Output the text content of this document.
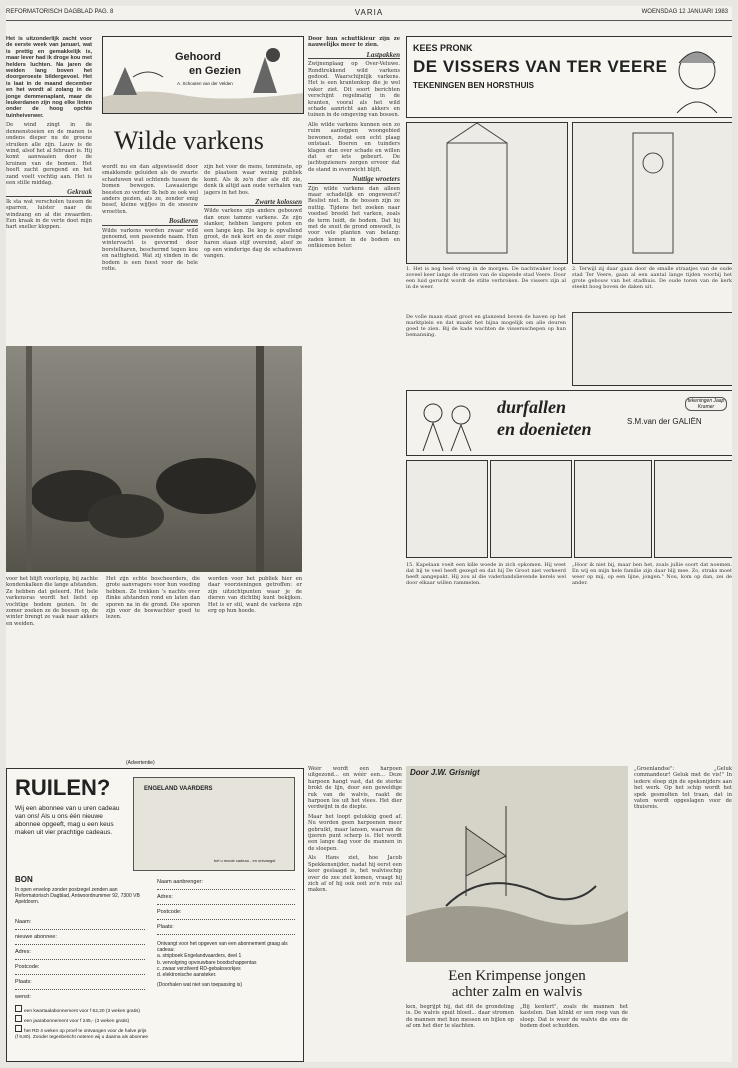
REFORMATORISCH DAGBLAD PAG. 8	VARIA	WOENSDAG 12 JANUARI 1983

Het is uitzonderlijk zacht voor de eerste week van januari, wat is prettig en gemakkelijk is, maar lever had ik droge kou met helders luchten. Na jaren de weiden lang boven het doorgeroeste bildergevoel. Het is laat in de maand december en het wordt al zolang in de jonge demmenaplant, maar de leukerdanen zijn nog elke linten onder de hoog opchte tuinheiverwer.

De wind zingt in de dennenstoeien en de manen is ondens dieper nu de groene struiken alle zijn. Lauw is de wind, alsof het al februari is. Hij komt aanwaaien door de kruinen van de bomen. Het heeft zacht geregend en het zand voelt vochtig aan. Het is een stille middag.

Gekraak

Ik sta wat verscholen tussen de sparren, luister naar de windzang en al die zwaarden. Een kraak in de verte doet mijn hart sneller kloppen.

Gehoord
en Gezien
A. Schouten van der Velden
Wilde varkens

wordt nu en dan afgewisseld door smakkende geluiden als de zwarte schaduwen wat ochtends tussen de bomen bewegen. Lawaaierige beesten zo verder. Ik heb ze ook wel anders gezien, als ze, zonder enig besef, kleine wijfjes in de sneeuw wroetten.

Bosdieren

Wilde varkens worden zwaar wild genoemd, een passende naam. Hun wintervacht is gevormd door borstelharen, beschermd tegen kou en nattigheid. Wat zij vinden in de bodem is een feest voor de hele rotte.

zijn het voor de mens, tenminste, op de plaatsen waar weinig publiek komt. Als ik zo'n dier als dit zie, denk ik altijd aan oude verhalen van jagers in het bos.

Zwarte kolossen

Wilde varkens zijn anders gebouwd dan onze tamme varkens. Ze zijn slanker, hebben langere poten en een lange kop. De kop is opvallend groot, de nek kort en de zeer ruige haren staan stijf overeind, alsof ze op een winderige dag de schaduwen vangen.

voor het blijft voorlopig, bij zachte kondenkalken die lange afstanden. Ze hebben dat geleerd. Het hele varkensras wordt het liefst op vochtige bodem gezien. In de zomer zoeken ze de bossen op, de winter brengt ze vaak naar akkers en weiden.

Het zijn echte boscheerders, die grote aanvragers voor hun voeding hebben. Ze trekken 's nachts over flinke afstanden rond en laten dan sporen na in de grond. Die sporen zijn voor de boswachter goed te lezen.

worden voor het publiek hier en daar voorzieningen getroffen: er zijn uitzichtpunten waar je de dieren van dichtbij kunt bekijken. Het is er stil, want de varkens zijn erg op hun hoede.

Door hun schuttkleur zijn ze nauwelijks meer te zien.

Lastpakken

Zwijnenplaag op Over-Veluwe. Rondtrekkend wild varkens gedood. Waarschijnlijk varkens. Het is een krantenkop die je wel vaker ziet. Dit soort berichten verschijnt regelmatig in de kranten, vooral als het wild schade aanricht aan akkers en tuinen in de omgeving van bossen.

Alle wilde varkens kunnen een zo ruim aanlegpen woongebied bewonen, zodat een echt plaag ontstaat. Boeren en tuinders klagen dan over schade en willen dat er iets gebeurt. De jachtopzieners zorgen ervoor dat de stand in evenwicht blijft.

Nuttige wroeters

Zijn wilde varkens dan alleen maar schadelijk en ongewenst? Beslist niet. In de bossen zijn ze nuttig. Tijdens het zoeken naar voedsel breekt het varken, zoals de term luidt, de bodem. Dat hij met de snuit de grond omwoelt, is voor vele planten van belang: zaden komen in de bodem en ontkiemen beter.

KEES PRONK
DE VISSERS VAN TER VEERE
TEKENINGEN BEN HORSTHUIS
1. Het is nog heel vroeg in de morgen. De nachtwaker loopt zoveel keer langs de straten van de slapende stad Veere. Door een luid gerucht wordt de stilte verbroken. De vissers zijn al in de weer.
2. Terwijl zij daar gaan door de smalle straatjes van de oude stad Ter Veere, gaan al een aantal lange tijden voorbij het grote gebouw van het stadhuis. De oude toren van de kerk steekt hoog boven de daken uit.
De volle maan staat groot en glanzend boven de haven op het marktplein en dat maakt het bijna mogelijk om alle deuren goed te zien. Bij de kade wachten de vissersschepen op hun bemanning.
durfallen
en doenieten	S.M.van der GALIËN
tekeningen Jaap Kramer
15. Kapelaan voelt een kille woede in zich opkomen. Hij weet dat hij te veel heeft gezegd en dat hij De Groot niet verkeerd heeft aangepakt. Hij zou al die vaderlandslievende kerels wel door elkaar willen rammelen.
„Hoor ik niet bij, maar ben het, zoals jullie soort dat noemen. En wij en mijn hele familie zijn daar blij mee. Zo, straks moet weer op mij, op een lijne, jongen." Nou, kom op dan, zei de ander.
(Advertentie)
RUILEN?
Wij een abonnee van u uren cadeau van ons! Als u ons één nieuwe abonnee opgeeft, mag u een keus maken uit vier prachtige cadeaus.
ENGELAND VAARDERS
bel u mooie cadeau - en ontvangst
BON
In open envelop zonder postzegel zenden aan Reformatorisch Dagblad, Antwoordnummer 92, 7300 VB Apeldoorn.
Naam:
nieuwe abonnee:
Adres:
Postcode:
Plaats:
wenst:
een kwartaalabonnement voor f 62,20 (3 weken gratis)
een jaarabonnement voor f 245,- (3 weken gratis)
het RD 4 weken op proef te ontvangen voor de halve prijs (f 9,80). Zonder tegenbericht noteren wij u daarna als abonnee
Naam aanbrenger:
Adres:
Postcode:
Plaats:
Ontvangt voor het opgeven van een abonnement graag als cadeau:
a. stripboek Engelandvaarders, deel 1
b. vervolgring opvouwbare boodschappentas
c. zwaar verzilverd RD-gebaksvorkjes
d. elektronische aansteker.
(Doorhalen wat niet van toepassing is)

Wéér wordt een harpoen uitgezond... en wéér een... Deze harpoen hangt vast, dat de sterke brokt de lijn, door een geweldige ruk van de walvis, raakt de harpoen los uit het vlees. Het dier verdwijnt in de diepte.

Maar het loopt gelukkig goed af. Nu worden geen harpoenen meer gebruikt, maar lansen, waarvan de ijzeren punt scherp is. Het wordt een lange dag voor de mannen in de sloepen.

Als Hans ziet, hoe Jacob Spekkensnijder, nadat hij eerst een keer geslaagd is, het walvisschip over de zee ziet komen, vraagt hij zich af of hij ook ooit zo'n reis zal maken.

Door J.W. Grisnigt
Een Krimpense jongen
achter zalm en walvis

ken, begrijpt hij, dat dit de grondeling is. De walvis spuit bloed... daar stromen de mannen met hun messen en bijlen op af om het dier te slachten.

„Bij kentert", zoals de mannen het kastelen. Dan klinkt er een roep van de sloep. Dat is weer de walvis die ons de bodem doet schudden.

„Groenlandse": „Geluk commandeur! Geluk met de vis!" In iedere sloep zijn de speksnijders aan het werk. Op het schip wordt het spek gesmolten tot traan, dat in vaten wordt opgeslagen voor de thuisreis.
